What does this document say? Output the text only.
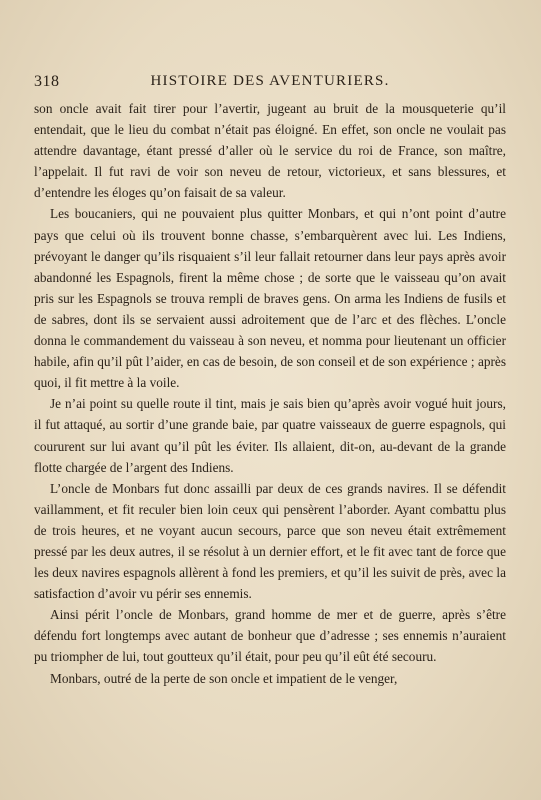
318	HISTOIRE DES AVENTURIERS.

son oncle avait fait tirer pour l’avertir, jugeant au bruit de la mousqueterie qu’il entendait, que le lieu du combat n’était pas éloigné. En effet, son oncle ne voulait pas attendre davantage, étant pressé d’aller où le service du roi de France, son maître, l’appelait. Il fut ravi de voir son neveu de retour, victorieux, et sans blessures, et d’entendre les éloges qu’on faisait de sa valeur.

Les boucaniers, qui ne pouvaient plus quitter Monbars, et qui n’ont point d’autre pays que celui où ils trouvent bonne chasse, s’embarquèrent avec lui. Les Indiens, prévoyant le danger qu’ils risquaient s’il leur fallait retourner dans leur pays après avoir abandonné les Espagnols, firent la même chose ; de sorte que le vaisseau qu’on avait pris sur les Espagnols se trouva rempli de braves gens. On arma les Indiens de fusils et de sabres, dont ils se servaient aussi adroitement que de l’arc et des flèches. L’oncle donna le commandement du vaisseau à son neveu, et nomma pour lieutenant un officier habile, afin qu’il pût l’aider, en cas de besoin, de son conseil et de son expérience ; après quoi, il fit mettre à la voile.

Je n’ai point su quelle route il tint, mais je sais bien qu’après avoir vogué huit jours, il fut attaqué, au sortir d’une grande baie, par quatre vaisseaux de guerre espagnols, qui coururent sur lui avant qu’il pût les éviter. Ils allaient, dit-on, au-devant de la grande flotte chargée de l’argent des Indiens.

L’oncle de Monbars fut donc assailli par deux de ces grands navires. Il se défendit vaillamment, et fit reculer bien loin ceux qui pensèrent l’aborder. Ayant combattu plus de trois heures, et ne voyant aucun secours, parce que son neveu était extrêmement pressé par les deux autres, il se résolut à un dernier effort, et le fit avec tant de force que les deux navires espagnols allèrent à fond les premiers, et qu’il les suivit de près, avec la satisfaction d’avoir vu périr ses ennemis.

Ainsi périt l’oncle de Monbars, grand homme de mer et de guerre, après s’être défendu fort longtemps avec autant de bonheur que d’adresse ; ses ennemis n’auraient pu triompher de lui, tout goutteux qu’il était, pour peu qu’il eût été secouru.

Monbars, outré de la perte de son oncle et impatient de le venger,
